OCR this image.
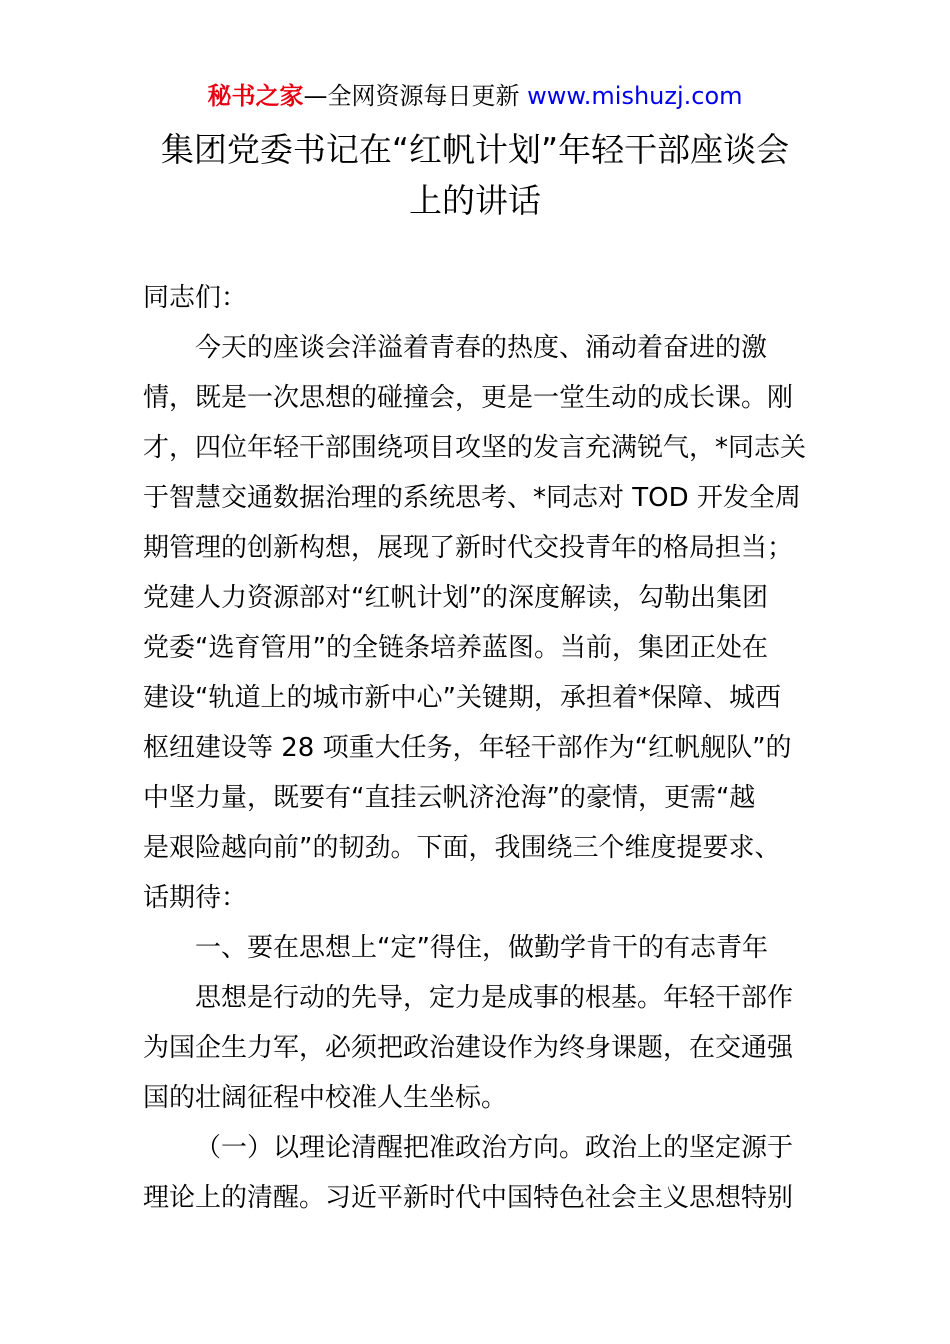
秘书之家—全网资源每日更新 www.mishuzj.com
集团党委书记在“红帆计划”年轻干部座谈会
上的讲话
同志们：
今天的座谈会洋溢着青春的热度、涌动着奋进的激
情，既是一次思想的碰撞会，更是一堂生动的成长课。刚
才，四位年轻干部围绕项目攻坚的发言充满锐气，*同志关
于智慧交通数据治理的系统思考、*同志对 TOD 开发全周
期管理的创新构想，展现了新时代交投青年的格局担当；
党建人力资源部对“红帆计划”的深度解读，勾勒出集团
党委“选育管用”的全链条培养蓝图。当前，集团正处在
建设“轨道上的城市新中心”关键期，承担着*保障、城西
枢纽建设等 28 项重大任务，年轻干部作为“红帆舰队”的
中坚力量，既要有“直挂云帆济沧海”的豪情，更需“越
是艰险越向前”的韧劲。下面，我围绕三个维度提要求、
话期待：
一、要在思想上“定”得住，做勤学肯干的有志青年
思想是行动的先导，定力是成事的根基。年轻干部作
为国企生力军，必须把政治建设作为终身课题，在交通强
国的壮阔征程中校准人生坐标。
（一）以理论清醒把准政治方向。政治上的坚定源于
理论上的清醒。习近平新时代中国特色社会主义思想特别
